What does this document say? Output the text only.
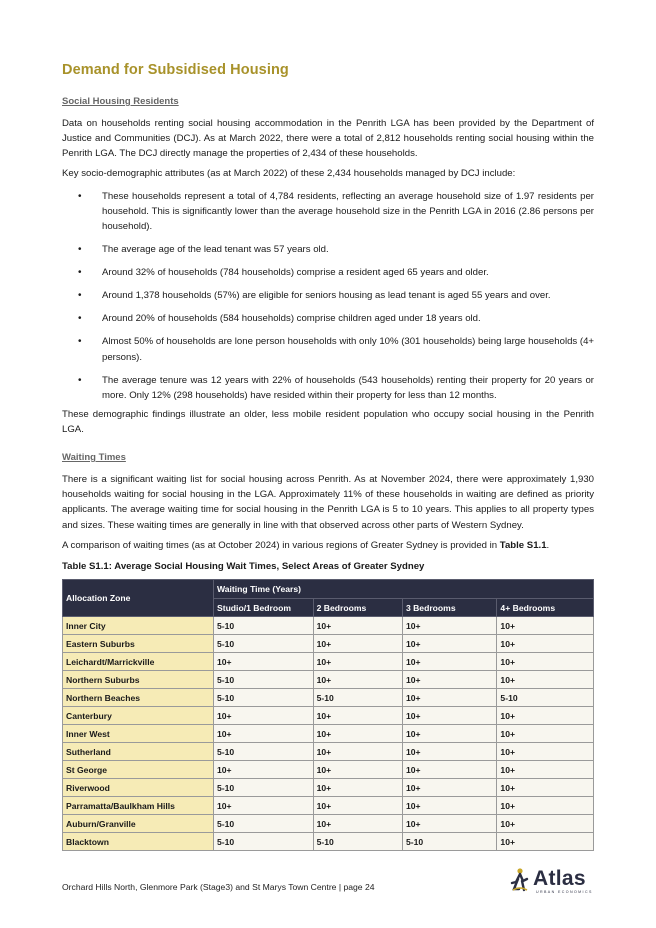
Demand for Subsidised Housing
Social Housing Residents

Data on households renting social housing accommodation in the Penrith LGA has been provided by the Department of Justice and Communities (DCJ). As at March 2022, there were a total of 2,812 households renting social housing within the Penrith LGA. The DCJ directly manage the properties of 2,434 of these households.

Key socio-demographic attributes (as at March 2022) of these 2,434 households managed by DCJ include:

• These households represent a total of 4,784 residents, reflecting an average household size of 1.97 residents per household. This is significantly lower than the average household size in the Penrith LGA in 2016 (2.86 persons per household).
• The average age of the lead tenant was 57 years old.
• Around 32% of households (784 households) comprise a resident aged 65 years and older.
• Around 1,378 households (57%) are eligible for seniors housing as lead tenant is aged 55 years and over.
• Around 20% of households (584 households) comprise children aged under 18 years old.
• Almost 50% of households are lone person households with only 10% (301 households) being large households (4+ persons).
• The average tenure was 12 years with 22% of households (543 households) renting their property for 20 years or more. Only 12% (298 households) have resided within their property for less than 12 months.

These demographic findings illustrate an older, less mobile resident population who occupy social housing in the Penrith LGA.

Waiting Times

There is a significant waiting list for social housing across Penrith. As at November 2024, there were approximately 1,930 households waiting for social housing in the LGA. Approximately 11% of these households in waiting are defined as priority applicants. The average waiting time for social housing in the Penrith LGA is 5 to 10 years. This applies to all property types and sizes. These waiting times are generally in line with that observed across other parts of Western Sydney.

A comparison of waiting times (as at October 2024) in various regions of Greater Sydney is provided in Table S1.1.

Table S1.1: Average Social Housing Wait Times, Select Areas of Greater Sydney
Allocation Zone	Waiting Time (Years)			
	Studio/1 Bedroom	2 Bedrooms	3 Bedrooms	4+ Bedrooms
Inner City	5-10	10+	10+	10+
Eastern Suburbs	5-10	10+	10+	10+
Leichardt/Marrickville	10+	10+	10+	10+
Northern Suburbs	5-10	10+	10+	10+
Northern Beaches	5-10	5-10	10+	5-10
Canterbury	10+	10+	10+	10+
Inner West	10+	10+	10+	10+
Sutherland	5-10	10+	10+	10+
St George	10+	10+	10+	10+
Riverwood	5-10	10+	10+	10+
Parramatta/Baulkham Hills	10+	10+	10+	10+
Auburn/Granville	5-10	10+	10+	10+
Blacktown	5-10	5-10	5-10	10+
Orchard Hills North, Glenmore Park (Stage3) and St Marys Town Centre | page 24	Atlas
URBAN ECONOMICS
